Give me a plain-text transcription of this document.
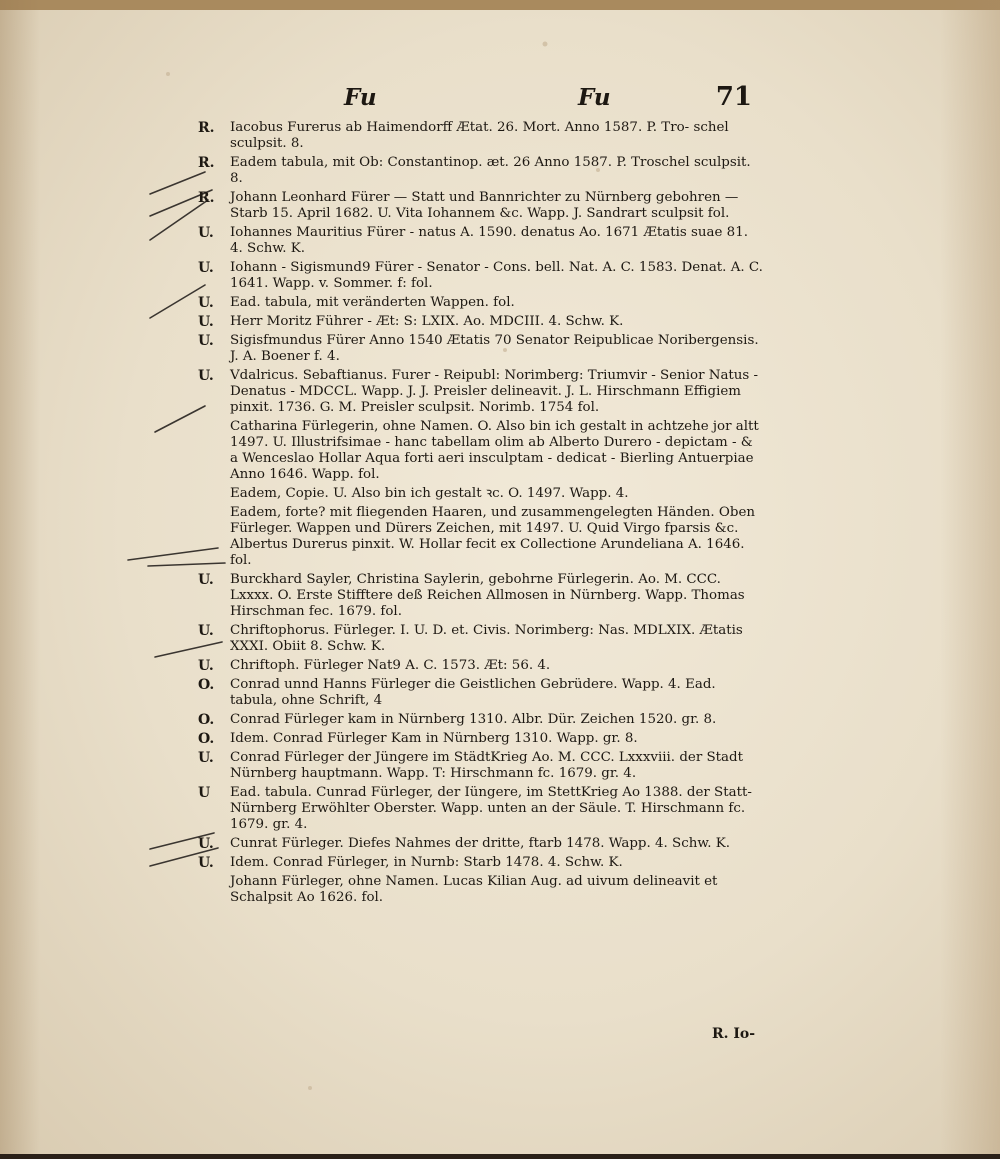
Fu	Fu	71
R. Iacobus Furerus ab Haimendorff Ætat. 26. Mort. Anno 1587. P. Tro- schel sculpsit. 8.
R. Eadem tabula, mit Ob: Constantinop. æt. 26 Anno 1587. P. Troschel sculpsit. 8.
R. Johann Leonhard Fürer — Statt und Bannrichter zu Nürnberg gebohren — Starb 15. April 1682. U. Vita Iohannem &c. Wapp. J. Sandrart sculpsit fol.
U. Iohannes Mauritius Fürer - natus A. 1590. denatus Ao. 1671 Ætatis suae 81. 4. Schw. K.
U. Iohann - Sigismund9 Fürer - Senator - Cons. bell. Nat. A. C. 1583. Denat. A. C. 1641. Wapp. v. Sommer. f: fol.
U. Ead. tabula, mit veränderten Wappen. fol.
U. Herr Moritz Führer - Æt: S: LXIX. Ao. MDCIII. 4. Schw. K.
U. Sigisfmundus Fürer Anno 1540 Ætatis 70 Senator Reipublicae Noribergensis. J. A. Boener f. 4.
U. Vdalricus. Sebaftianus. Furer - Reipubl: Norimberg: Triumvir - Senior Natus - Denatus - MDCCL. Wapp. J. J. Preisler delineavit. J. L. Hirschmann Effigiem pinxit. 1736. G. M. Preisler sculpsit. Norimb. 1754 fol.
Catharina Fürlegerin, ohne Namen. O. Also bin ich gestalt in achtzehe jor altt 1497. U. Illustrifsimae - hanc tabellam olim ab Alberto Durero - depictam - & a Wenceslao Hollar Aqua forti aeri insculptam - dedicat - Bierling Antuerpiae Anno 1646. Wapp. fol.
Eadem, Copie. U. Also bin ich gestalt ꝛc. O. 1497. Wapp. 4.
Eadem, forte? mit fliegenden Haaren, und zusammengelegten Händen. Oben Fürleger. Wappen und Dürers Zeichen, mit 1497. U. Quid Virgo fparsis &c. Albertus Durerus pinxit. W. Hollar fecit ex Collectione Arundeliana A. 1646. fol.
U. Burckhard Sayler, Christina Saylerin, gebohrne Fürlegerin. Ao. M. CCC. Lxxxx. O. Erste Stifftere deß Reichen Allmosen in Nürnberg. Wapp. Thomas Hirschman fec. 1679. fol.
U. Chriftophorus. Fürleger. I. U. D. et. Civis. Norimberg: Nas. MDLXIX. Ætatis XXXI. Obiit 8. Schw. K.
U. Chriftoph. Fürleger Nat9 A. C. 1573. Æt: 56. 4.
O. Conrad unnd Hanns Fürleger die Geistlichen Gebrüdere. Wapp. 4. Ead. tabula, ohne Schrift, 4
O. Conrad Fürleger kam in Nürnberg 1310. Albr. Dür. Zeichen 1520. gr. 8.
O. Idem. Conrad Fürleger Kam in Nürnberg 1310. Wapp. gr. 8.
U. Conrad Fürleger der Jüngere im StädtKrieg Ao. M. CCC. Lxxxviii. der Stadt Nürnberg hauptmann. Wapp. T: Hirschmann fc. 1679. gr. 4.
U Ead. tabula. Cunrad Fürleger, der Iüngere, im StettKrieg Ao 1388. der Statt-Nürnberg Erwöhlter Oberster. Wapp. unten an der Säule. T. Hirschmann fc. 1679. gr. 4.
U. Cunrat Fürleger. Diefes Nahmes der dritte, ftarb 1478. Wapp. 4. Schw. K.
U. Idem. Conrad Fürleger, in Nurnb: Starb 1478. 4. Schw. K.
Johann Fürleger, ohne Namen. Lucas Kilian Aug. ad uivum delineavit et Schalpsit Ao 1626. fol.
R. Io-
